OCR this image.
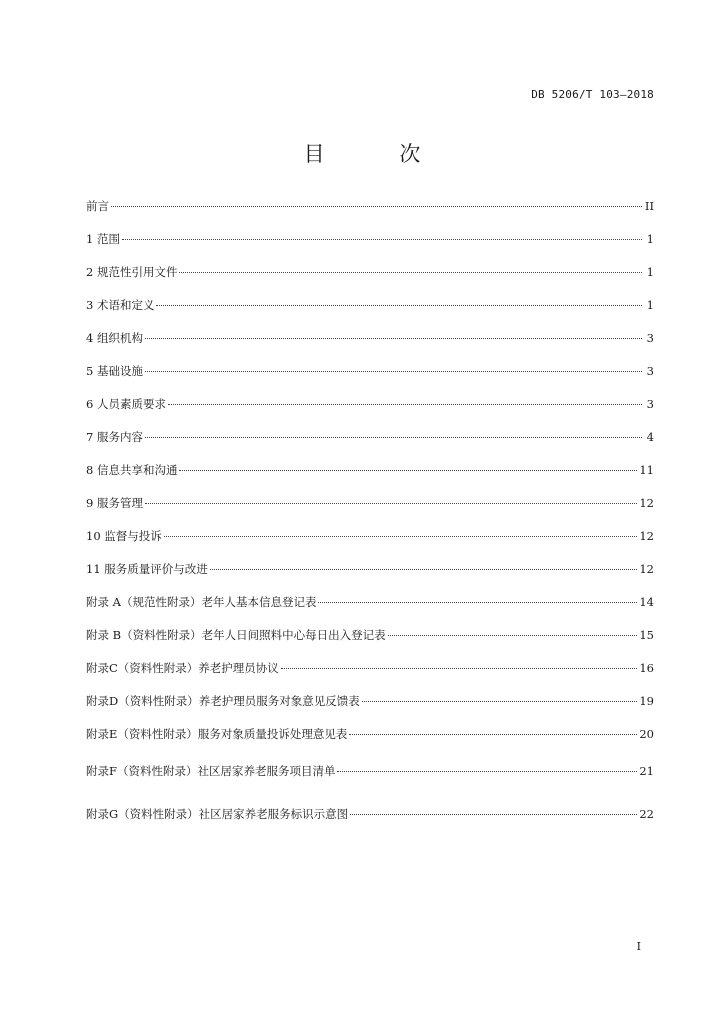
DB 5206/T 103—2018
目 次
前言	II
1 范围	1
2 规范性引用文件	1
3 术语和定义	1
4 组织机构	3
5 基础设施	3
6 人员素质要求	3
7 服务内容	4
8 信息共享和沟通	11
9 服务管理	12
10 监督与投诉	12
11 服务质量评价与改进	12
附录 A（规范性附录）老年人基本信息登记表	14
附录 B（资料性附录）老年人日间照料中心每日出入登记表	15
附录C（资料性附录）养老护理员协议	16
附录D（资料性附录）养老护理员服务对象意见反馈表	19
附录E（资料性附录）服务对象质量投诉处理意见表	20
附录F（资料性附录）社区居家养老服务项目清单	21
附录G（资料性附录）社区居家养老服务标识示意图	22
I
